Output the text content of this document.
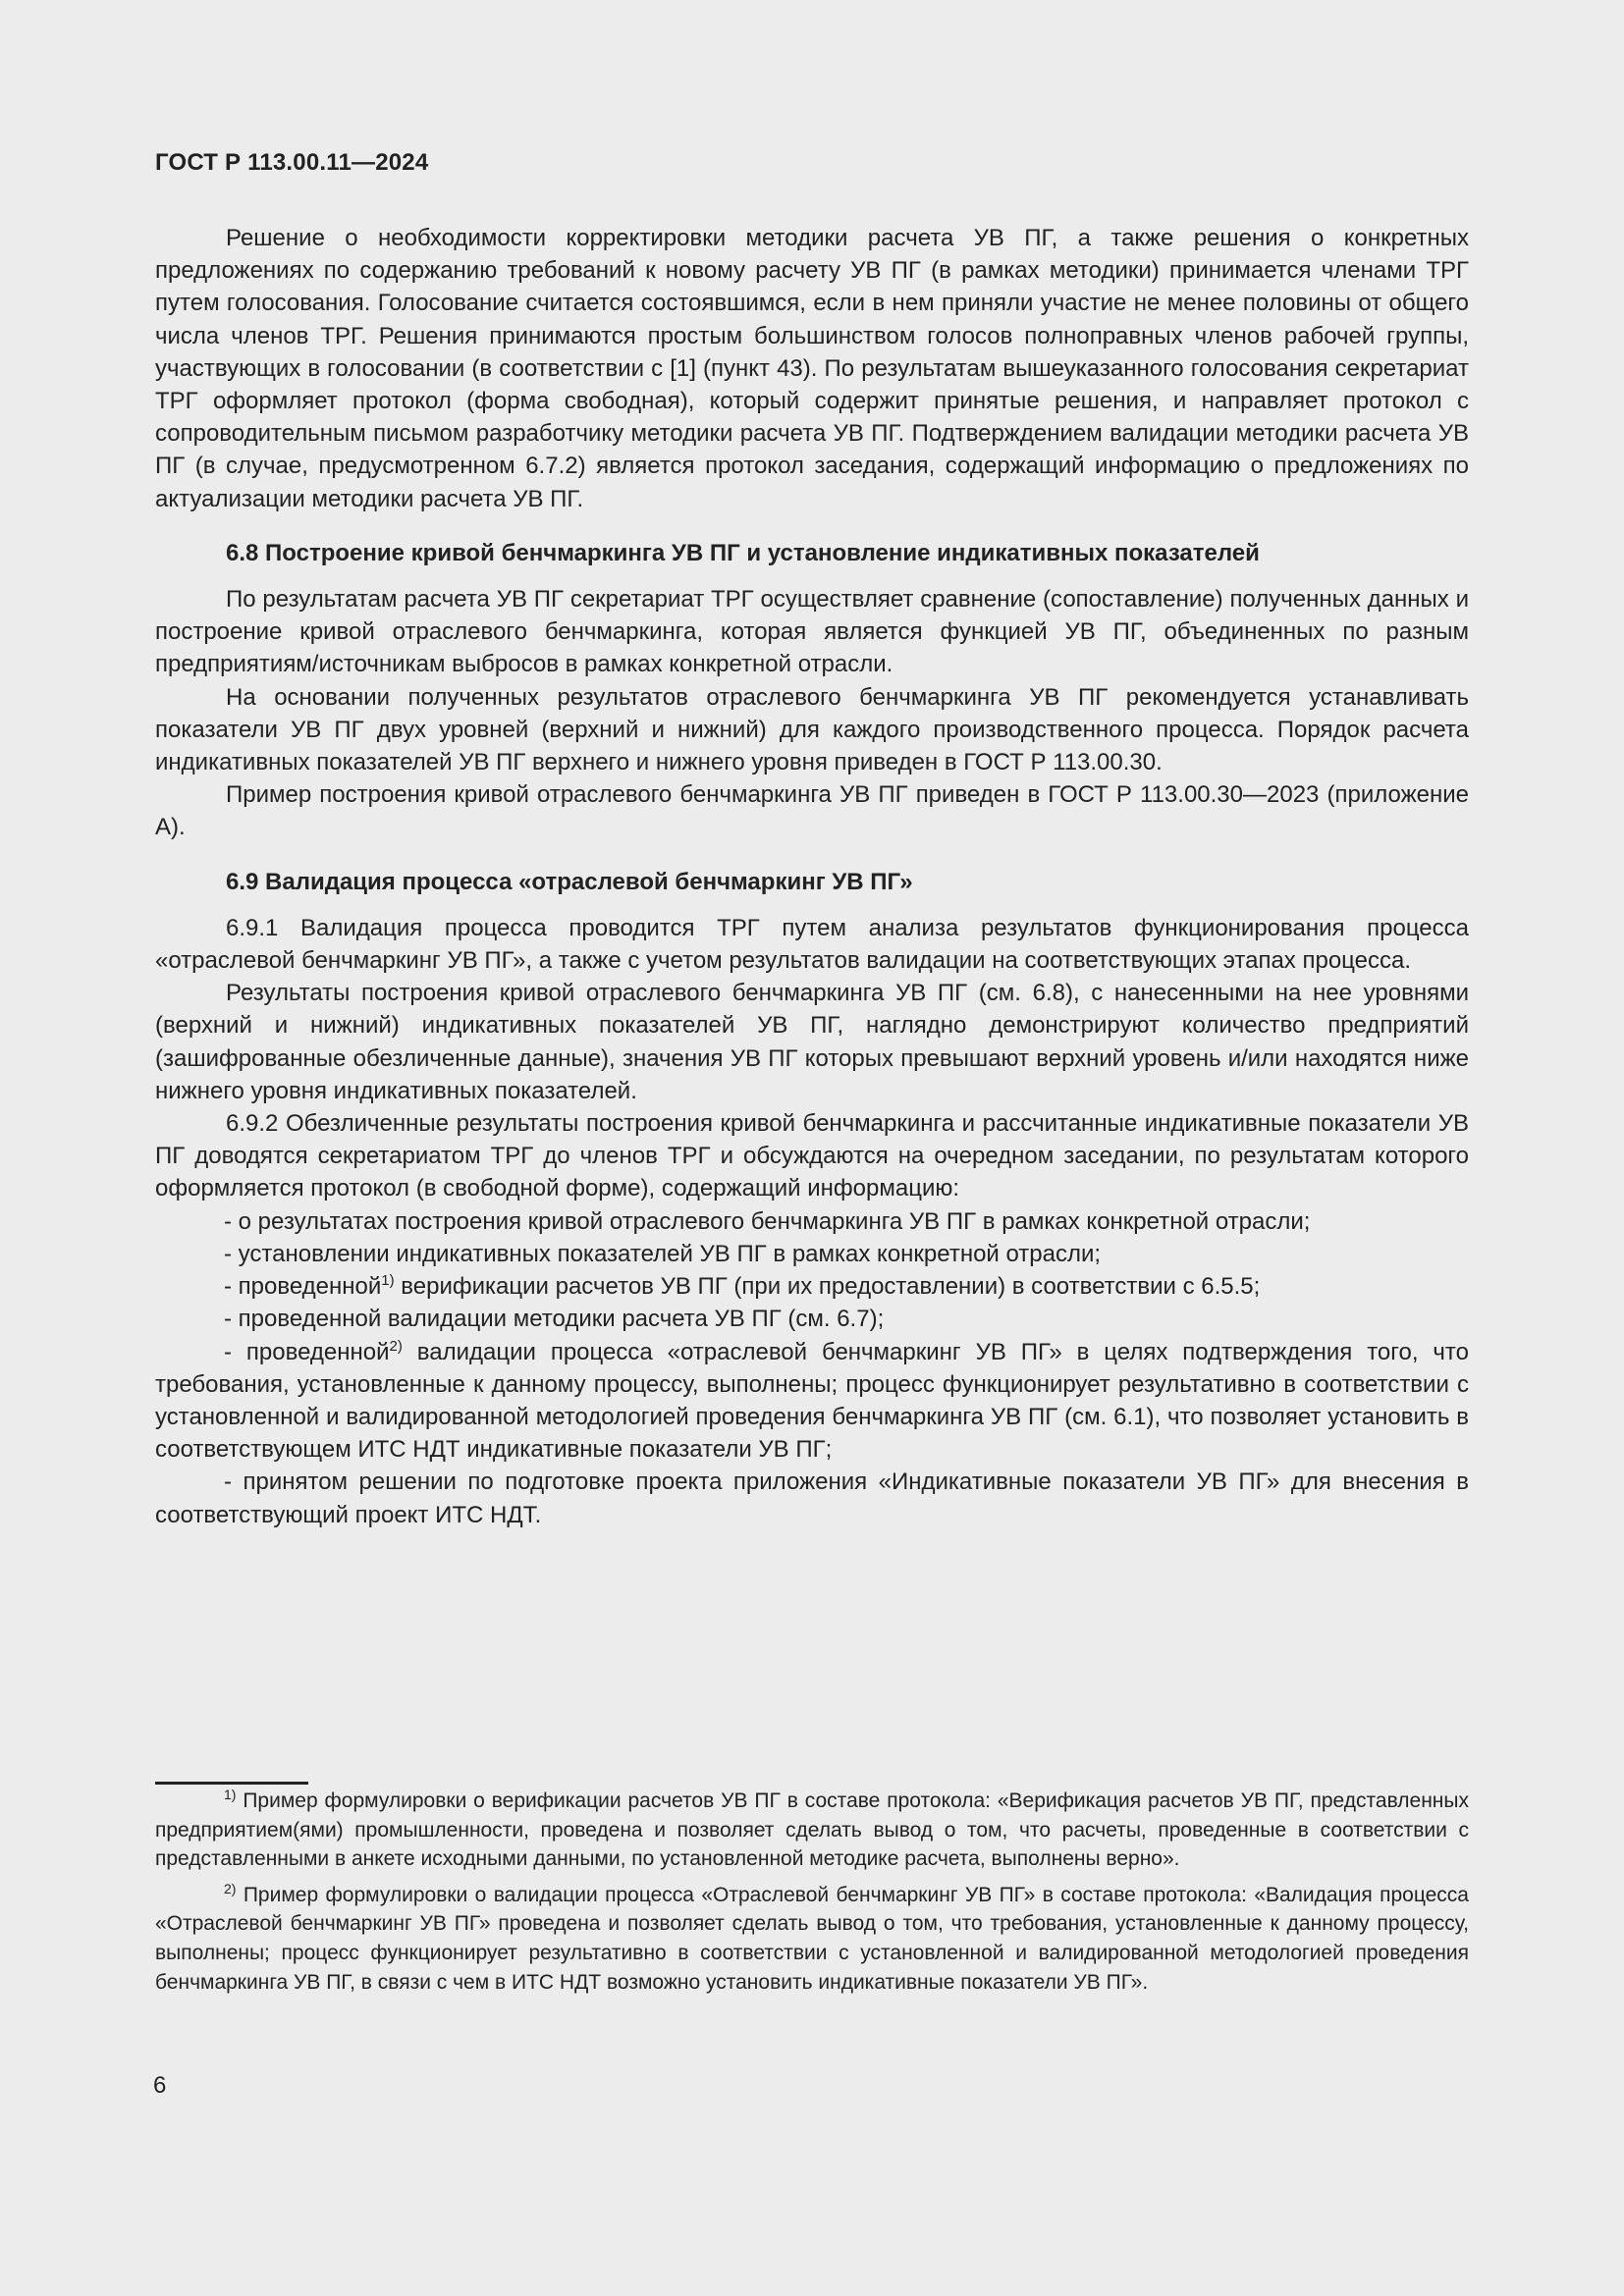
ГОСТ Р 113.00.11—2024

Решение о необходимости корректировки методики расчета УВ ПГ, а также решения о конкретных предложениях по содержанию требований к новому расчету УВ ПГ (в рамках методики) принимается членами ТРГ путем голосования. Голосование считается состоявшимся, если в нем приняли участие не менее половины от общего числа членов ТРГ. Решения принимаются простым большинством голосов полноправных членов рабочей группы, участвующих в голосовании (в соответствии с [1] (пункт 43). По результатам вышеуказанного голосования секретариат ТРГ оформляет протокол (форма свободная), который содержит принятые решения, и направляет протокол с сопроводительным письмом разработчику методики расчета УВ ПГ. Подтверждением валидации методики расчета УВ ПГ (в случае, предусмотренном 6.7.2) является протокол заседания, содержащий информацию о предложениях по актуализации методики расчета УВ ПГ.

6.8 Построение кривой бенчмаркинга УВ ПГ и установление индикативных показателей

По результатам расчета УВ ПГ секретариат ТРГ осуществляет сравнение (сопоставление) полученных данных и построение кривой отраслевого бенчмаркинга, которая является функцией УВ ПГ, объединенных по разным предприятиям/источникам выбросов в рамках конкретной отрасли.

На основании полученных результатов отраслевого бенчмаркинга УВ ПГ рекомендуется устанавливать показатели УВ ПГ двух уровней (верхний и нижний) для каждого производственного процесса. Порядок расчета индикативных показателей УВ ПГ верхнего и нижнего уровня приведен в ГОСТ Р 113.00.30.

Пример построения кривой отраслевого бенчмаркинга УВ ПГ приведен в ГОСТ Р 113.00.30—2023 (приложение А).

6.9 Валидация процесса «отраслевой бенчмаркинг УВ ПГ»

6.9.1 Валидация процесса проводится ТРГ путем анализа результатов функционирования процесса «отраслевой бенчмаркинг УВ ПГ», а также с учетом результатов валидации на соответствующих этапах процесса.

Результаты построения кривой отраслевого бенчмаркинга УВ ПГ (см. 6.8), с нанесенными на нее уровнями (верхний и нижний) индикативных показателей УВ ПГ, наглядно демонстрируют количество предприятий (зашифрованные обезличенные данные), значения УВ ПГ которых превышают верхний уровень и/или находятся ниже нижнего уровня индикативных показателей.

6.9.2 Обезличенные результаты построения кривой бенчмаркинга и рассчитанные индикативные показатели УВ ПГ доводятся секретариатом ТРГ до членов ТРГ и обсуждаются на очередном заседании, по результатам которого оформляется протокол (в свободной форме), содержащий информацию:

- о результатах построения кривой отраслевого бенчмаркинга УВ ПГ в рамках конкретной отрасли;

- установлении индикативных показателей УВ ПГ в рамках конкретной отрасли;

- проведенной$^{1)}$ верификации расчетов УВ ПГ (при их предоставлении) в соответствии с 6.5.5;

- проведенной валидации методики расчета УВ ПГ (см. 6.7);

- проведенной$^{2)}$ валидации процесса «отраслевой бенчмаркинг УВ ПГ» в целях подтверждения того, что требования, установленные к данному процессу, выполнены; процесс функционирует результативно в соответствии с установленной и валидированной методологией проведения бенчмаркинга УВ ПГ (см. 6.1), что позволяет установить в соответствующем ИТС НДТ индикативные показатели УВ ПГ;

- принятом решении по подготовке проекта приложения «Индикативные показатели УВ ПГ» для внесения в соответствующий проект ИТС НДТ.

$^{1)}$ Пример формулировки о верификации расчетов УВ ПГ в составе протокола: «Верификация расчетов УВ ПГ, представленных предприятием(ями) промышленности, проведена и позволяет сделать вывод о том, что расчеты, проведенные в соответствии с представленными в анкете исходными данными, по установленной методике расчета, выполнены верно».

$^{2)}$ Пример формулировки о валидации процесса «Отраслевой бенчмаркинг УВ ПГ» в составе протокола: «Валидация процесса «Отраслевой бенчмаркинг УВ ПГ» проведена и позволяет сделать вывод о том, что требования, установленные к данному процессу, выполнены; процесс функционирует результативно в соответствии с установленной и валидированной методологией проведения бенчмаркинга УВ ПГ, в связи с чем в ИТС НДТ возможно установить индикативные показатели УВ ПГ».

6
